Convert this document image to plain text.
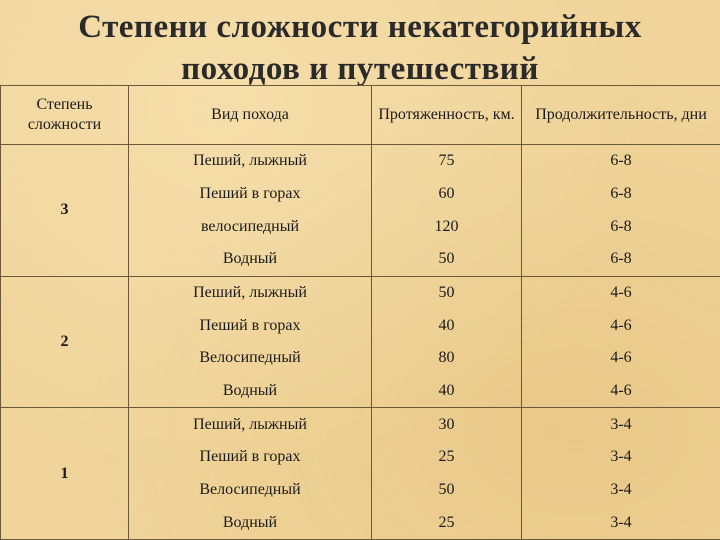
Степени сложности некатегорийных
походов и путешествий
Степень сложности	Вид похода	Протяженность, км.	Продолжительность, дни
3	Пеший, лыжный	75	6-8
	Пеший в горах	60	6-8
	велосипедный	120	6-8
	Водный	50	6-8
2	Пеший, лыжный	50	4-6
	Пеший в горах	40	4-6
	Велосипедный	80	4-6
	Водный	40	4-6
1	Пеший, лыжный	30	3-4
	Пеший в горах	25	3-4
	Велосипедный	50	3-4
	Водный	25	3-4
